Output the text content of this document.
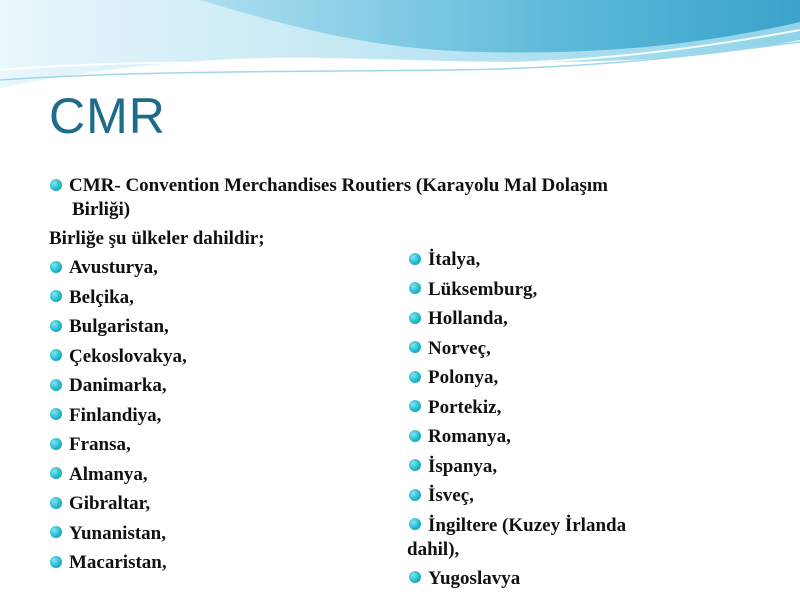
CMR
CMR- Convention Merchandises Routiers (Karayolu Mal Dolaşım
Birliği)
Birliğe şu ülkeler dahildir;
Avusturya,
Belçika,
Bulgaristan,
Çekoslovakya,
Danimarka,
Finlandiya,
Fransa,
Almanya,
Gibraltar,
Yunanistan,
Macaristan,
İtalya,
Lüksemburg,
Hollanda,
Norveç,
Polonya,
Portekiz,
Romanya,
İspanya,
İsveç,
İngiltere (Kuzey İrlanda
dahil),
Yugoslavya
